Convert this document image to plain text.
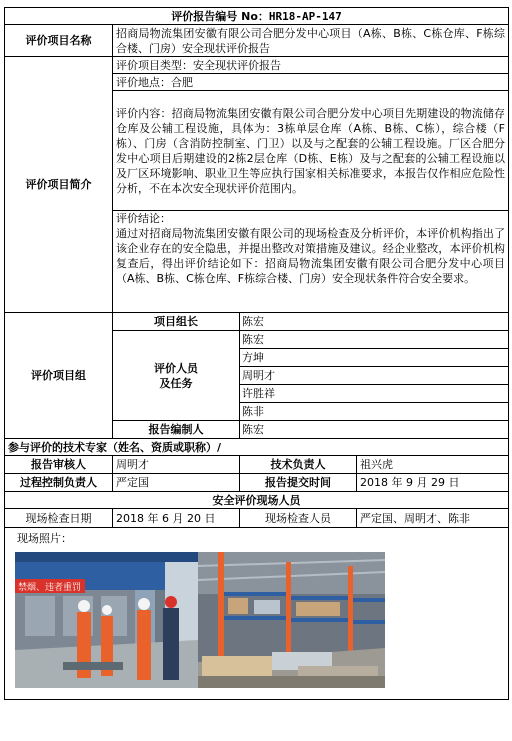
评价报告编号 No：HR18-AP-147			
评价项目名称	招商局物流集团安徽有限公司合肥分发中心项目（A栋、B栋、C栋仓库、F栋综合楼、门房）安全现状评价报告		
评价项目简介	评价项目类型：安全现状评价报告		
	评价地点：合肥		
	评价内容：招商局物流集团安徽有限公司合肥分发中心项目先期建设的物流储存仓库及公辅工程设施，具体为：3栋单层仓库（A栋、B栋、C栋），综合楼（F栋）、门房（含消防控制室、门卫）以及与之配套的公辅工程设施。厂区合肥分发中心项目后期建设的2栋2层仓库（D栋、E栋）及与之配套的公辅工程设施以及厂区环境影响、职业卫生等应执行国家相关标准要求，本报告仅作相应危险性分析，不在本次安全现状评价范围内。		

	评价结论：
通过对招商局物流集团安徽有限公司的现场检查及分析评价，本评价机构指出了该企业存在的安全隐患，并提出整改对策措施及建议。经企业整改，本评价机构复查后，得出评价结论如下：招商局物流集团安徽有限公司合肥分发中心项目（A栋、B栋、C栋仓库、F栋综合楼、门房）安全现状条件符合安全要求。		

评价项目组	项目组长	陈宏	

	评价人员
及任务	陈宏	
		方坤	
		周明才	
		许胜祥	
		陈非	
	报告编制人	陈宏	
参与评价的技术专家（姓名、资质或职称）/			
报告审核人	周明才	技术负责人	祖兴虎
过程控制负责人	严定国	报告提交时间	2018 年 9 月 29 日
安全评价现场人员			
现场检查日期	2018 年 6 月 20 日	现场检查人员	严定国、周明才、陈非

现场照片：
禁烟、违者重罚			
